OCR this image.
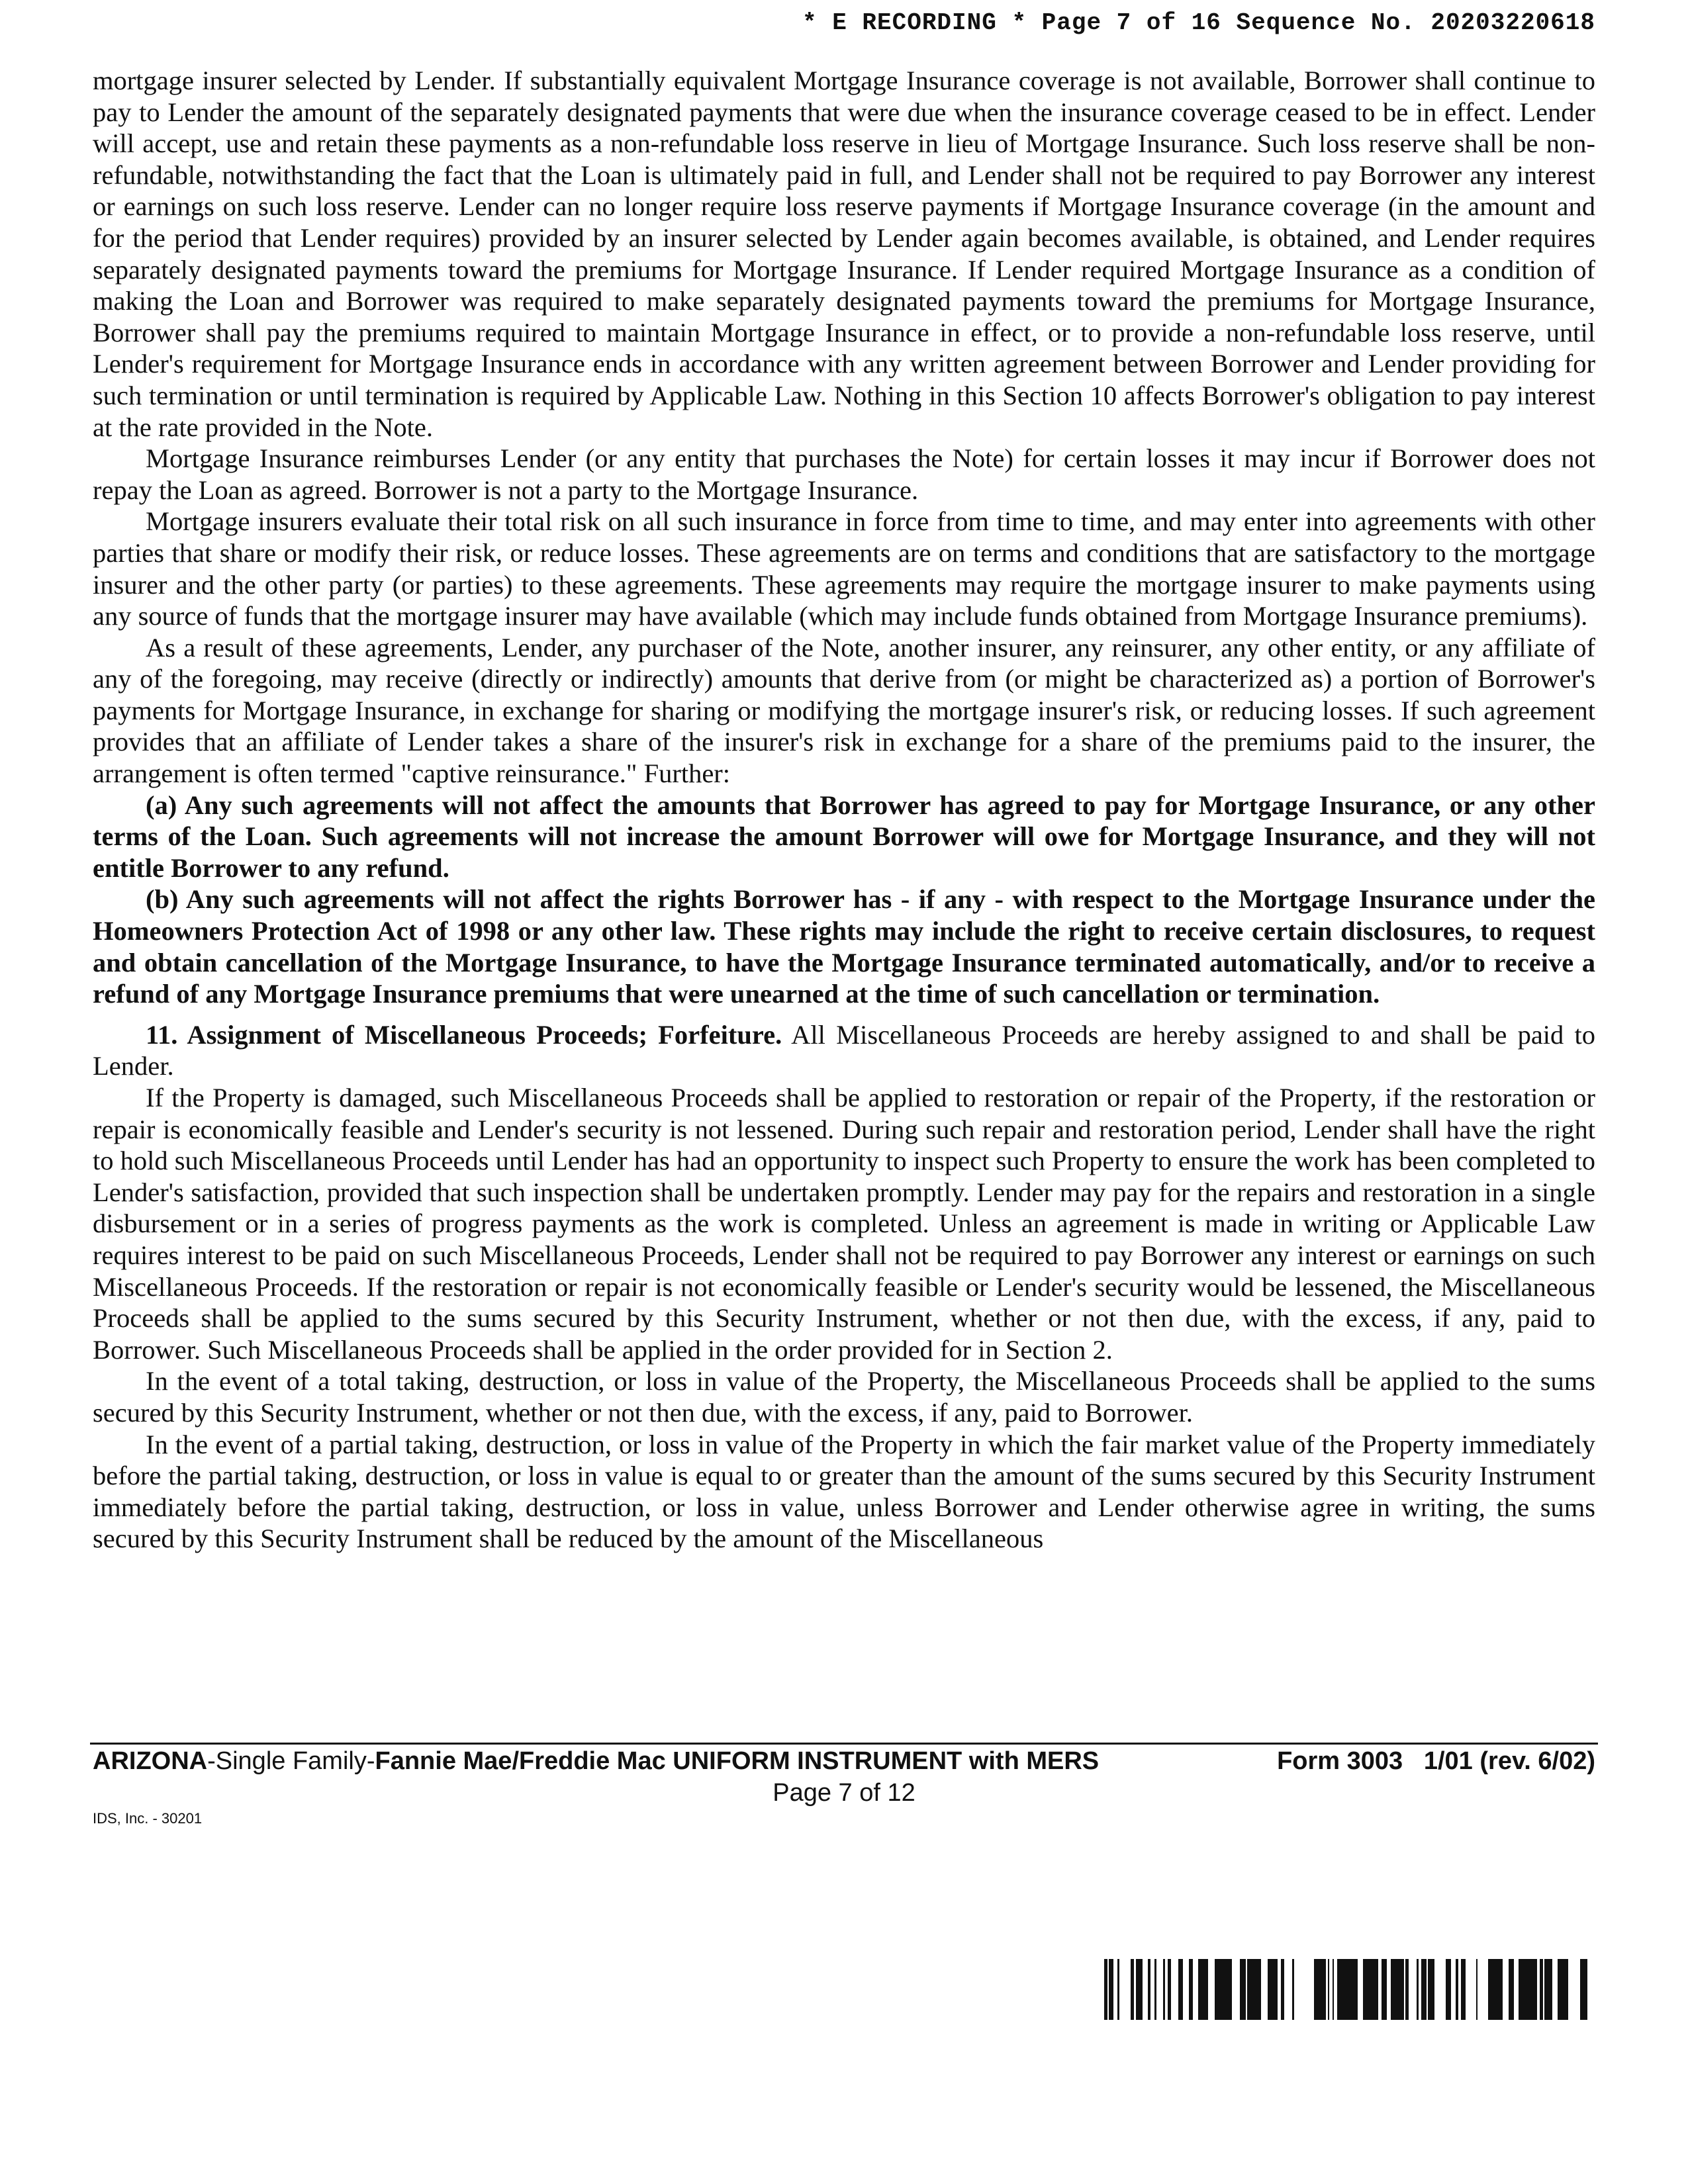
* E RECORDING * Page 7 of 16 Sequence No. 20203220618

mortgage insurer selected by Lender. If substantially equivalent Mortgage Insurance coverage is not available, Borrower shall continue to pay to Lender the amount of the separately designated payments that were due when the insurance coverage ceased to be in effect. Lender will accept, use and retain these payments as a non-refundable loss reserve in lieu of Mortgage Insurance. Such loss reserve shall be non-refundable, notwithstanding the fact that the Loan is ultimately paid in full, and Lender shall not be required to pay Borrower any interest or earnings on such loss reserve. Lender can no longer require loss reserve payments if Mortgage Insurance coverage (in the amount and for the period that Lender requires) provided by an insurer selected by Lender again becomes available, is obtained, and Lender requires separately designated payments toward the premiums for Mortgage Insurance. If Lender required Mortgage Insurance as a condition of making the Loan and Borrower was required to make separately designated payments toward the premiums for Mortgage Insurance, Borrower shall pay the premiums required to maintain Mortgage Insurance in effect, or to provide a non-refundable loss reserve, until Lender's requirement for Mortgage Insurance ends in accordance with any written agreement between Borrower and Lender providing for such termination or until termination is required by Applicable Law. Nothing in this Section 10 affects Borrower's obligation to pay interest at the rate provided in the Note.

Mortgage Insurance reimburses Lender (or any entity that purchases the Note) for certain losses it may incur if Borrower does not repay the Loan as agreed. Borrower is not a party to the Mortgage Insurance.

Mortgage insurers evaluate their total risk on all such insurance in force from time to time, and may enter into agreements with other parties that share or modify their risk, or reduce losses. These agreements are on terms and conditions that are satisfactory to the mortgage insurer and the other party (or parties) to these agreements. These agreements may require the mortgage insurer to make payments using any source of funds that the mortgage insurer may have available (which may include funds obtained from Mortgage Insurance premiums).

As a result of these agreements, Lender, any purchaser of the Note, another insurer, any reinsurer, any other entity, or any affiliate of any of the foregoing, may receive (directly or indirectly) amounts that derive from (or might be characterized as) a portion of Borrower's payments for Mortgage Insurance, in exchange for sharing or modifying the mortgage insurer's risk, or reducing losses. If such agreement provides that an affiliate of Lender takes a share of the insurer's risk in exchange for a share of the premiums paid to the insurer, the arrangement is often termed "captive reinsurance." Further:

(a) Any such agreements will not affect the amounts that Borrower has agreed to pay for Mortgage Insurance, or any other terms of the Loan. Such agreements will not increase the amount Borrower will owe for Mortgage Insurance, and they will not entitle Borrower to any refund.

(b) Any such agreements will not affect the rights Borrower has - if any - with respect to the Mortgage Insurance under the Homeowners Protection Act of 1998 or any other law. These rights may include the right to receive certain disclosures, to request and obtain cancellation of the Mortgage Insurance, to have the Mortgage Insurance terminated automatically, and/or to receive a refund of any Mortgage Insurance premiums that were unearned at the time of such cancellation or termination.

11. Assignment of Miscellaneous Proceeds; Forfeiture. All Miscellaneous Proceeds are hereby assigned to and shall be paid to Lender.

If the Property is damaged, such Miscellaneous Proceeds shall be applied to restoration or repair of the Property, if the restoration or repair is economically feasible and Lender's security is not lessened. During such repair and restoration period, Lender shall have the right to hold such Miscellaneous Proceeds until Lender has had an opportunity to inspect such Property to ensure the work has been completed to Lender's satisfaction, provided that such inspection shall be undertaken promptly. Lender may pay for the repairs and restoration in a single disbursement or in a series of progress payments as the work is completed. Unless an agreement is made in writing or Applicable Law requires interest to be paid on such Miscellaneous Proceeds, Lender shall not be required to pay Borrower any interest or earnings on such Miscellaneous Proceeds. If the restoration or repair is not economically feasible or Lender's security would be lessened, the Miscellaneous Proceeds shall be applied to the sums secured by this Security Instrument, whether or not then due, with the excess, if any, paid to Borrower. Such Miscellaneous Proceeds shall be applied in the order provided for in Section 2.

In the event of a total taking, destruction, or loss in value of the Property, the Miscellaneous Proceeds shall be applied to the sums secured by this Security Instrument, whether or not then due, with the excess, if any, paid to Borrower.

In the event of a partial taking, destruction, or loss in value of the Property in which the fair market value of the Property immediately before the partial taking, destruction, or loss in value is equal to or greater than the amount of the sums secured by this Security Instrument immediately before the partial taking, destruction, or loss in value, unless Borrower and Lender otherwise agree in writing, the sums secured by this Security Instrument shall be reduced by the amount of the Miscellaneous

ARIZONA-Single Family-Fannie Mae/Freddie Mac UNIFORM INSTRUMENT with MERS	Form 3003   1/01 (rev. 6/02)
Page 7 of 12
IDS, Inc. - 30201
